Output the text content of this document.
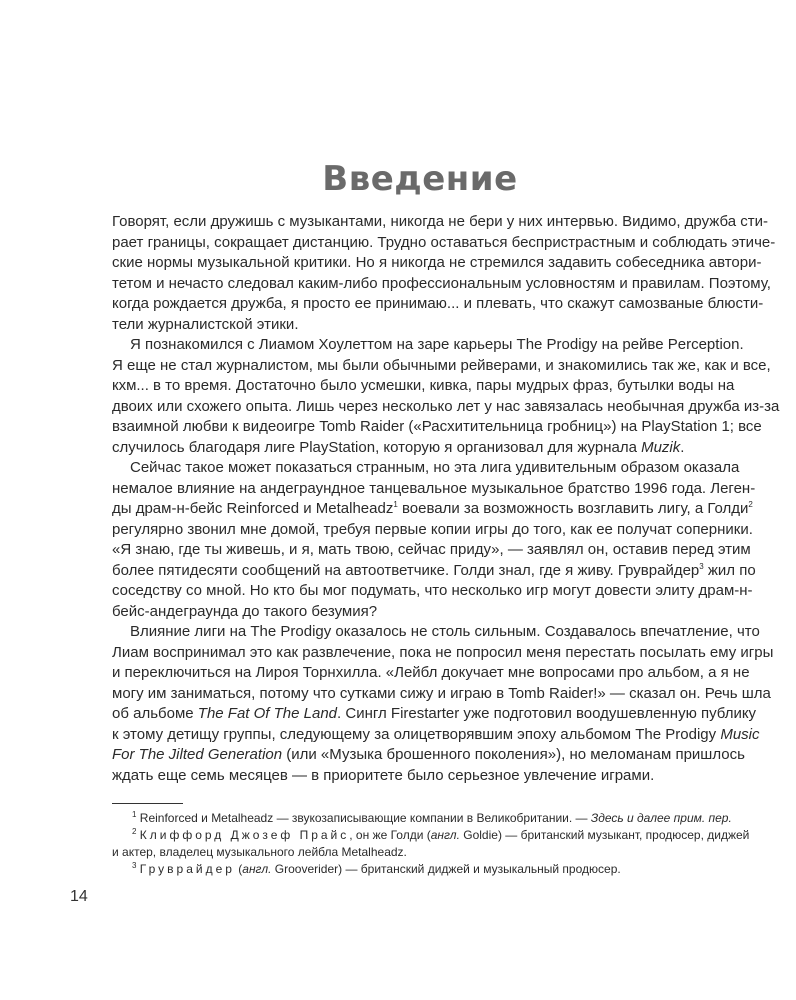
Введение
Говорят, если дружишь с музыкантами, никогда не бери у них интервью. Видимо, дружба сти-
рает границы, сокращает дистанцию. Трудно оставаться беспристрастным и соблюдать этиче-
ские нормы музыкальной критики. Но я никогда не стремился задавить собеседника автори-
тетом и нечасто следовал каким-либо профессиональным условностям и правилам. Поэтому,
когда рождается дружба, я просто ее принимаю... и плевать, что скажут самозваные блюсти-
тели журналистской этики.
Я познакомился с Лиамом Хоулеттом на заре карьеры The Prodigy на рейве Perception.
Я еще не стал журналистом, мы были обычными рейверами, и знакомились так же, как и все,
кхм... в то время. Достаточно было усмешки, кивка, пары мудрых фраз, бутылки воды на
двоих или схожего опыта. Лишь через несколько лет у нас завязалась необычная дружба из-за
взаимной любви к видеоигре Tomb Raider («Расхитительница гробниц») на PlayStation 1; все
случилось благодаря лиге PlayStation, которую я организовал для журнала Muzik.
Сейчас такое может показаться странным, но эта лига удивительным образом оказала
немалое влияние на андеграундное танцевальное музыкальное братство 1996 года. Леген-
ды драм-н-бейс Reinforced и Metalheadz$^1$ воевали за возможность возглавить лигу, а Голди$^2$
регулярно звонил мне домой, требуя первые копии игры до того, как ее получат соперники.
«Я знаю, где ты живешь, и я, мать твою, сейчас приду», — заявлял он, оставив перед этим
более пятидесяти сообщений на автоответчике. Голди знал, где я живу. Груврайдер$^3$ жил по
соседству со мной. Но кто бы мог подумать, что несколько игр могут довести элиту драм-н-
бейс-андеграунда до такого безумия?
Влияние лиги на The Prodigy оказалось не столь сильным. Создавалось впечатление, что
Лиам воспринимал это как развлечение, пока не попросил меня перестать посылать ему игры
и переключиться на Лироя Торнхилла. «Лейбл докучает мне вопросами про альбом, а я не
могу им заниматься, потому что сутками сижу и играю в Tomb Raider!» — сказал он. Речь шла
об альбоме The Fat Of The Land. Сингл Firestarter уже подготовил воодушевленную публику
к этому детищу группы, следующему за олицетворявшим эпоху альбомом The Prodigy Music
For The Jilted Generation (или «Музыка брошенного поколения»), но меломанам пришлось
ждать еще семь месяцев — в приоритете было серьезное увлечение играми.
$^1$ Reinforced и Metalheadz — звукозаписывающие компании в Великобритании. — Здесь и далее прим. пер.
$^2$ Клиффорд Джозеф Прайс, он же Голди (англ. Goldie) — британский музыкант, продюсер, диджей
и актер, владелец музыкального лейбла Metalheadz.
$^3$ Груврайдер (англ. Grooverider) — британский диджей и музыкальный продюсер.
14
